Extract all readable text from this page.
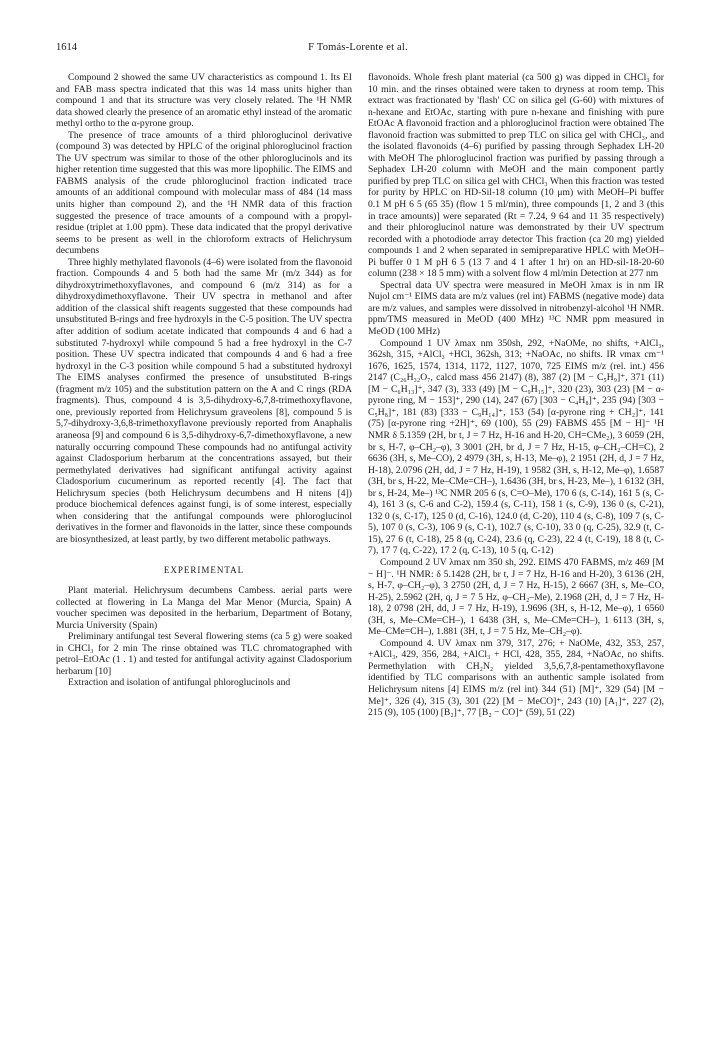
1614	F Tomás-Lorente et al.

Compound 2 showed the same UV characteristics as compound 1. Its EI and FAB mass spectra indicated that this was 14 mass units higher than compound 1 and that its structure was very closely related. The ¹H NMR data showed clearly the presence of an aromatic ethyl instead of the aromatic methyl ortho to the α-pyrone group.

The presence of trace amounts of a third phloroglucinol derivative (compound 3) was detected by HPLC of the original phloroglucinol fraction The UV spectrum was similar to those of the other phloroglucinols and its higher retention time suggested that this was more lipophilic. The EIMS and FABMS analysis of the crude phloroglucinol fraction indicated trace amounts of an additional compound with molecular mass of 484 (14 mass units higher than compound 2), and the ¹H NMR data of this fraction suggested the presence of trace amounts of a compound with a propyl-residue (triplet at 1.00 ppm). These data indicated that the propyl derivative seems to be present as well in the chloroform extracts of Helichrysum decumbens

Three highly methylated flavonols (4–6) were isolated from the flavonoid fraction. Compounds 4 and 5 both had the same Mr (m/z 344) as for dihydroxytrimethoxyflavones, and compound 6 (m/z 314) as for a dihydroxydimethoxyflavone. Their UV spectra in methanol and after addition of the classical shift reagents suggested that these compounds had unsubstituted B-rings and free hydroxyls in the C-5 position. The UV spectra after addition of sodium acetate indicated that compounds 4 and 6 had a substituted 7-hydroxyl while compound 5 had a free hydroxyl in the C-7 position. These UV spectra indicated that compounds 4 and 6 had a free hydroxyl in the C-3 position while compound 5 had a substituted hydroxyl The EIMS analyses confirmed the presence of unsubstituted B-rings (fragment m/z 105) and the substitution pattern on the A and C rings (RDA fragments). Thus, compound 4 is 3,5-dihydroxy-6,7,8-trimethoxyflavone, one, previously reported from Helichrysum graveolens [8], compound 5 is 5,7-dihydroxy-3,6,8-trimethoxyflavone previously reported from Anaphalis araneosa [9] and compound 6 is 3,5-dihydroxy-6,7-dimethoxyflavone, a new naturally occurring compound These compounds had no antifungal activity against Cladosporium herbarum at the concentrations assayed, but their permethylated derivatives had significant antifungal activity against Cladosporium cucumerinum as reported recently [4]. The fact that Helichrysum species (both Helichrysum decumbens and H nitens [4]) produce biochemical defences against fungi, is of some interest, especially when considering that the antifungal compounds were phloroglucinol derivatives in the former and flavonoids in the latter, since these compounds are biosynthesized, at least partly, by two different metabolic pathways.

EXPERIMENTAL

Plant material. Helichrysum decumbens Cambess. aerial parts were collected at flowering in La Manga del Mar Menor (Murcia, Spain) A voucher specimen was deposited in the herbarium, Department of Botany, Murcia University (Spain)

Preliminary antifungal test Several flowering stems (ca 5 g) were soaked in CHCl₃ for 2 min The rinse obtained was TLC chromatographed with petrol–EtOAc (1 . 1) and tested for antifungal activity against Cladosporium herbarum [10]

Extraction and isolation of antifungal phloroglucinols and

flavonoids. Whole fresh plant material (ca 500 g) was dipped in CHCl₃ for 10 min. and the rinses obtained were taken to dryness at room temp. This extract was fractionated by 'flash' CC on silica gel (G-60) with mixtures of n-hexane and EtOAc, starting with pure n-hexane and finishing with pure EtOAc A flavonoid fraction and a phloroglucinol fraction were obtained The flavonoid fraction was submitted to prep TLC on silica gel with CHCl₃, and the isolated flavonoids (4–6) purified by passing through Sephadex LH-20 with MeOH The phloroglucinol fraction was purified by passing through a Sephadex LH-20 column with MeOH and the main component partly purified by prep TLC on silica gel with CHCl₃ When this fraction was tested for purity by HPLC on HD-Sil-18 column (10 μm) with MeOH–Pi buffer 0.1 M pH 6 5 (65 35) (flow 1 5 ml/min), three compounds [1, 2 and 3 (this in trace amounts)] were separated (Rt = 7.24, 9 64 and 11 35 respectively) and their phloroglucinol nature was demonstrated by their UV spectrum recorded with a photodiode array detector This fraction (ca 20 mg) yielded compounds 1 and 2 when separated in semipreparative HPLC with MeOH–Pi buffer 0 1 M pH 6 5 (13 7 and 4 1 after 1 hr) on an HD-sil-18-20-60 column (238 × 18 5 mm) with a solvent flow 4 ml/min Detection at 277 nm

Spectral data UV spectra were measured in MeOH λmax is in nm IR Nujol cm⁻¹ EIMS data are m/z values (rel int) FABMS (negative mode) data are m/z values, and samples were dissolved in nitrobenzyl-alcohol ¹H NMR. ppm/TMS measured in MeOD (400 MHz) ¹³C NMR ppm measured in MeOD (100 MHz)

Compound 1 UV λmax nm 350sh, 292, +NaOMe, no shifts, +AlCl₃, 362sh, 315, +AlCl₃ +HCl, 362sh, 313; +NaOAc, no shifts. IR νmax cm⁻¹ 1676, 1625, 1574, 1314, 1172, 1127, 1070, 725 EIMS m/z (rel. int.) 456 2147 (C₂₆H₃₂O₇, calcd mass 456 2147) (8), 387 (2) [M − C₅H₉]⁺, 371 (11) [M − C₆H₁₃]⁺, 347 (3), 333 (49) [M − C₉H₁₅]⁺, 320 (23), 303 (23) [M − α-pyrone ring, M − 153]⁺, 290 (14), 247 (67) [303 − C₄H₈]⁺, 235 (94) [303 − C₅H₈]⁺, 181 (83) [333 − C₉H₁₄]⁺, 153 (54) [α-pyrone ring + CH₂]⁺, 141 (75) [α-pyrone ring +2H]⁺, 69 (100), 55 (29) FABMS 455 [M − H]⁻ ¹H NMR δ 5.1359 (2H, br t, J = 7 Hz, H-16 and H-20, CH=CMe₂), 3 6059 (2H, br s, H-7, φ–CH₂–φ), 3 3001 (2H, br d, J = 7 Hz, H-15, φ–CH₂–CH=C), 2 6636 (3H, s, Me–CO), 2 4979 (3H, s, H-13, Me–φ), 2 1951 (2H, d, J = 7 Hz, H-18), 2.0796 (2H, dd, J = 7 Hz, H-19), 1 9582 (3H, s, H-12, Me–φ), 1.6587 (3H, br s, H-22, Me–CMe=CH–), 1.6436 (3H, br s, H-23, Me–), 1 6132 (3H, br s, H-24, Me–) ¹³C NMR 205 6 (s, C=O–Me), 170 6 (s, C-14), 161 5 (s, C-4), 161 3 (s, C-6 and C-2), 159.4 (s, C-11), 158 1 (s, C-9), 136 0 (s, C-21), 132 0 (s, C-17), 125 0 (d, C-16), 124.0 (d, C-20), 110 4 (s, C-8), 109 7 (s, C-5), 107 0 (s, C-3), 106 9 (s, C-1), 102.7 (s, C-10), 33 0 (q, C-25), 32.9 (t, C-15), 27 6 (t, C-18), 25 8 (q, C-24), 23.6 (q, C-23), 22 4 (t, C-19), 18 8 (t, C-7), 17 7 (q, C-22), 17 2 (q, C-13), 10 5 (q, C-12)

Compound 2 UV λmax nm 350 sh, 292. EIMS 470 FABMS, m/z 469 [M − H]⁻. ¹H NMR: δ 5.1428 (2H, br t, J = 7 Hz, H-16 and H-20), 3 6136 (2H, s, H-7, φ–CH₂–φ), 3 2750 (2H, d, J = 7 Hz, H-15), 2 6667 (3H, s, Me–CO, H-25), 2.5962 (2H, q, J = 7 5 Hz, φ–CH₂–Me), 2.1968 (2H, d, J = 7 Hz, H-18), 2 0798 (2H, dd, J = 7 Hz, H-19), 1.9696 (3H, s, H-12, Me–φ), 1 6560 (3H, s, Me–CMe=CH–), 1 6438 (3H, s, Me–CMe=CH–), 1 6113 (3H, s, Me–CMe=CH–), 1.881 (3H, t, J = 7 5 Hz, Me–CH₂–φ).

Compound 4. UV λmax nm 379, 317, 276; + NaOMe, 432, 353, 257, +AlCl₃, 429, 356, 284, +AlCl₃ + HCl, 428, 355, 284, +NaOAc, no shifts. Permethylation with CH₂N₂ yielded 3,5,6,7,8-pentamethoxyflavone identified by TLC comparisons with an authentic sample isolated from Helichrysum nitens [4] EIMS m/z (rel int) 344 (51) [M]⁺, 329 (54) [M − Me]⁺, 326 (4), 315 (3), 301 (22) [M − MeCO]⁺, 243 (10) [A₁]⁺, 227 (2), 215 (9), 105 (100) [B₂]⁺, 77 [B₂ − CO]⁺ (59), 51 (22)
